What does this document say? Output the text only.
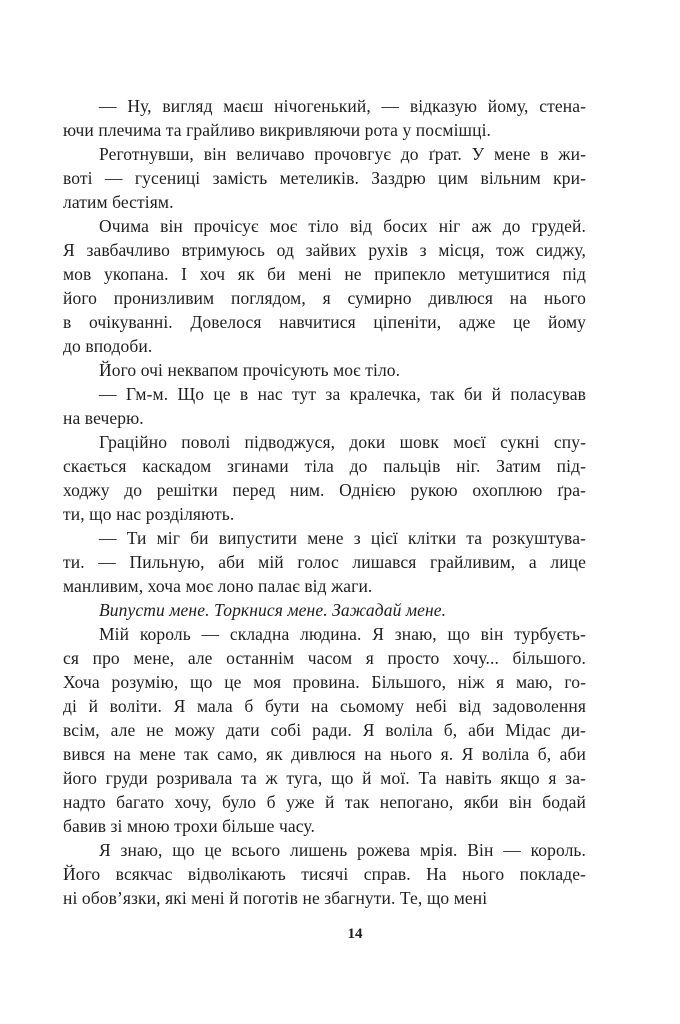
— Ну, вигляд маєш нічогенький, — відказую йому, стена-
ючи плечима та грайливо викривляючи рота у посмішці.
Реготнувши, він величаво прочовгує до ґрат. У мене в жи-
воті — гусениці замість метеликів. Заздрю цим вільним кри-
латим бестіям.
Очима він прочісує моє тіло від босих ніг аж до грудей.
Я завбачливо втримуюсь од зайвих рухів з місця, тож сиджу,
мов укопана. І хоч як би мені не припекло метушитися під
його пронизливим поглядом, я сумирно дивлюся на нього
в очікуванні. Довелося навчитися ціпеніти, адже це йому
до вподоби.
Його очі неквапом прочісують моє тіло.
— Гм-м. Що це в нас тут за кралечка, так би й поласував
на вечерю.
Граційно поволі підводжуся, доки шовк моєї сукні спу-
скається каскадом згинами тіла до пальців ніг. Затим під-
ходжу до решітки перед ним. Однією рукою охоплюю ґра-
ти, що нас розділяють.
— Ти міг би випустити мене з цієї клітки та розкуштува-
ти. — Пильную, аби мій голос лишався грайливим, а лице
манливим, хоча моє лоно палає від жаги.
Випусти мене. Торкнися мене. Зажадай мене.
Мій король — складна людина. Я знаю, що він турбуєть-
ся про мене, але останнім часом я просто хочу... більшого.
Хоча розумію, що це моя провина. Більшого, ніж я маю, го-
ді й воліти. Я мала б бути на сьомому небі від задоволення
всім, але не можу дати собі ради. Я воліла б, аби Мідас ди-
вився на мене так само, як дивлюся на нього я. Я воліла б, аби
його груди розривала та ж туга, що й мої. Та навіть якщо я за-
надто багато хочу, було б уже й так непогано, якби він бодай
бавив зі мною трохи більше часу.
Я знаю, що це всього лишень рожева мрія. Він — король.
Його всякчас відволікають тисячі справ. На нього покладе-
ні обов’язки, які мені й поготів не збагнути. Те, що мені
14
